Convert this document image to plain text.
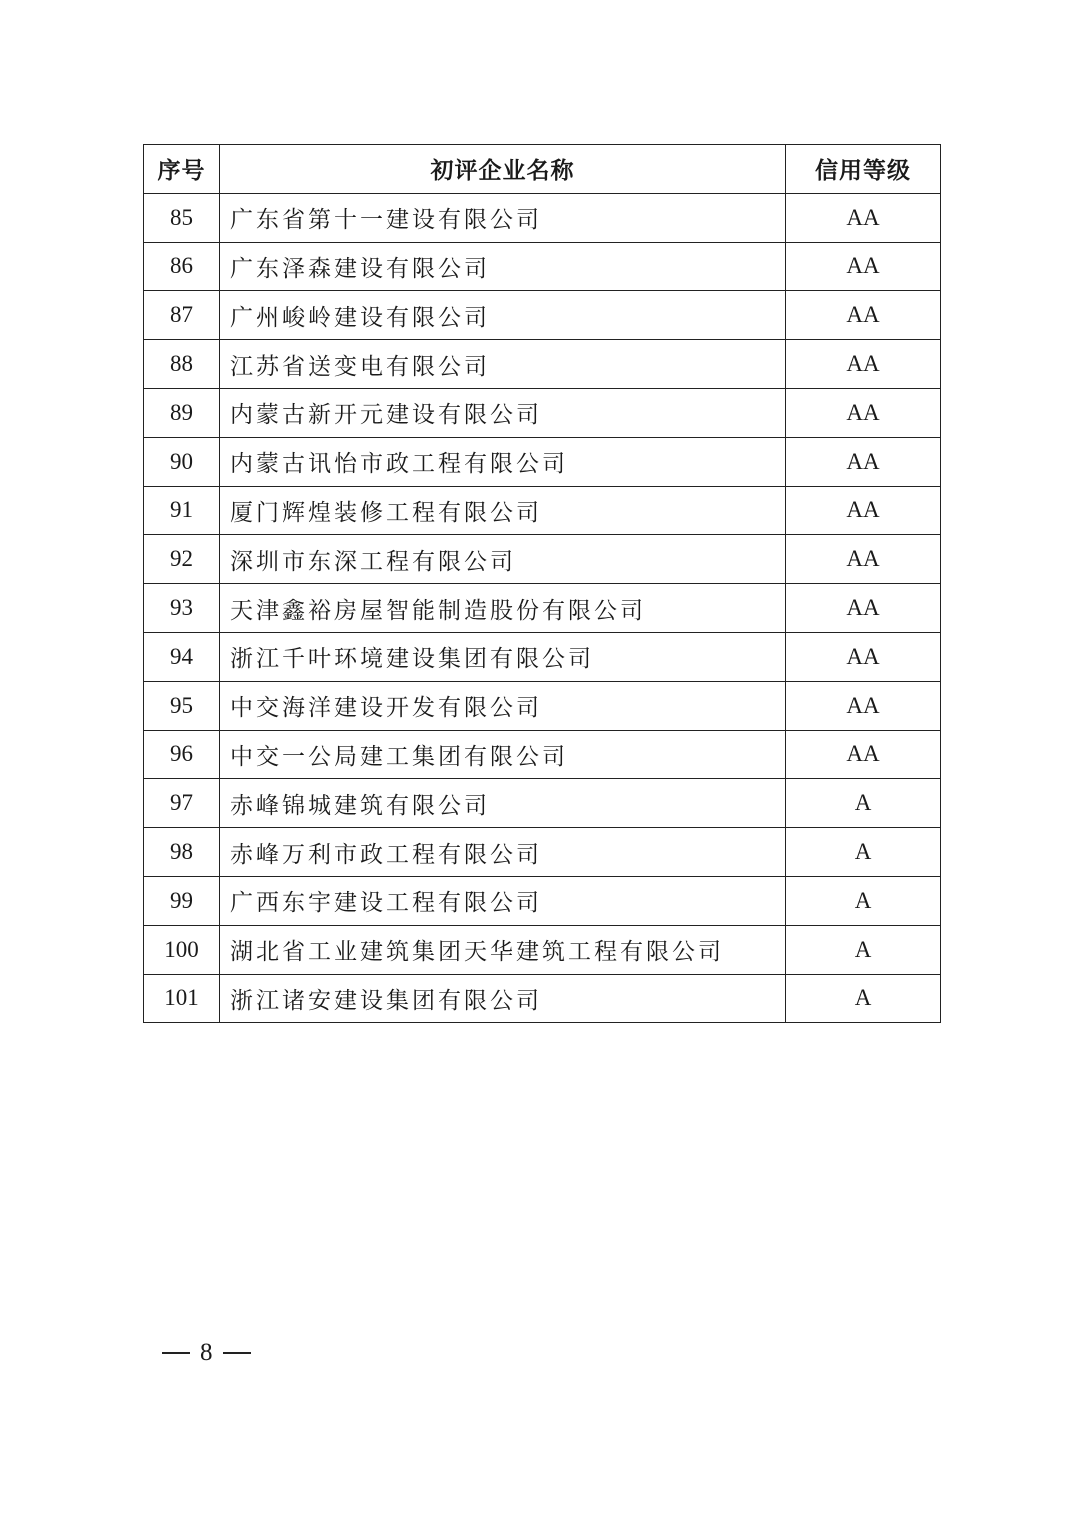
序号	初评企业名称	信用等级
85	广东省第十一建设有限公司	AA
86	广东泽森建设有限公司	AA
87	广州峻岭建设有限公司	AA
88	江苏省送变电有限公司	AA
89	内蒙古新开元建设有限公司	AA
90	内蒙古讯怡市政工程有限公司	AA
91	厦门辉煌装修工程有限公司	AA
92	深圳市东深工程有限公司	AA
93	天津鑫裕房屋智能制造股份有限公司	AA
94	浙江千叶环境建设集团有限公司	AA
95	中交海洋建设开发有限公司	AA
96	中交一公局建工集团有限公司	AA
97	赤峰锦城建筑有限公司	A
98	赤峰万利市政工程有限公司	A
99	广西东宇建设工程有限公司	A
100	湖北省工业建筑集团天华建筑工程有限公司	A
101	浙江诸安建设集团有限公司	A
8
